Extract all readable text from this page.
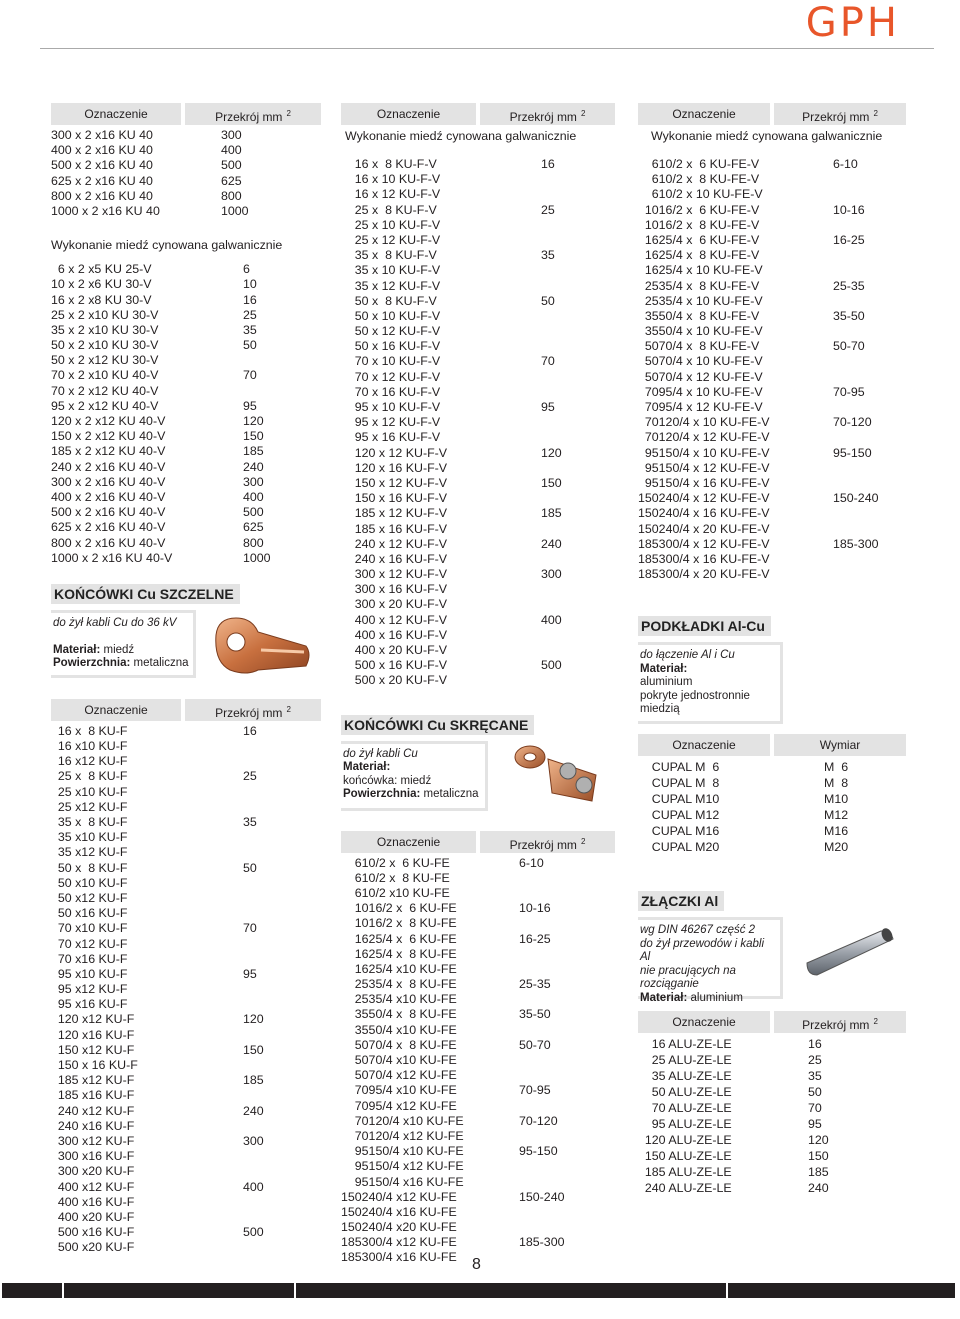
GPH
Oznaczenie	Przekrój mm $^2$
300 x 2 x16 KU 40	300
400 x 2 x16 KU 40	400
500 x 2 x16 KU 40	500
625 x 2 x16 KU 40	625
800 x 2 x16 KU 40	800
1000 x 2 x16 KU 40	1000
Wykonanie miedź cynowana galwanicznie
6 x 2 x5 KU 25-V	6
10 x 2 x6 KU 30-V	10
16 x 2 x8 KU 30-V	16
25 x 2 x10 KU 30-V	25
35 x 2 x10 KU 30-V	35
50 x 2 x10 KU 30-V	50
50 x 2 x12 KU 30-V
70 x 2 x10 KU 40-V	70
70 x 2 x12 KU 40-V
95 x 2 x12 KU 40-V	95
120 x 2 x12 KU 40-V	120
150 x 2 x12 KU 40-V	150
185 x 2 x12 KU 40-V	185
240 x 2 x16 KU 40-V	240
300 x 2 x16 KU 40-V	300
400 x 2 x16 KU 40-V	400
500 x 2 x16 KU 40-V	500
625 x 2 x16 KU 40-V	625
800 x 2 x16 KU 40-V	800
1000 x 2 x16 KU 40-V	1000
KOŃCÓWKI Cu SZCZELNE
do żył kabli Cu do 36 kV

Materiał: miedź
Powierzchnia: metaliczna
Oznaczenie	Przekrój mm $^2$
16 x  8 KU-F	16
16 x10 KU-F
16 x12 KU-F
25 x  8 KU-F	25
25 x10 KU-F
25 x12 KU-F
35 x  8 KU-F	35
35 x10 KU-F
35 x12 KU-F
50 x  8 KU-F	50
50 x10 KU-F
50 x12 KU-F
50 x16 KU-F
70 x10 KU-F	70
70 x12 KU-F
70 x16 KU-F
95 x10 KU-F	95
95 x12 KU-F
95 x16 KU-F
120 x12 KU-F	120
120 x16 KU-F
150 x12 KU-F	150
150 x 16 KU-F
185 x12 KU-F	185
185 x16 KU-F
240 x12 KU-F	240
240 x16 KU-F
300 x12 KU-F	300
300 x16 KU-F
300 x20 KU-F
400 x12 KU-F	400
400 x16 KU-F
400 x20 KU-F
500 x16 KU-F	500
500 x20 KU-F
Oznaczenie	Przekrój mm $^2$
Wykonanie miedź cynowana galwanicznie
16 x  8 KU-F-V	16
16 x 10 KU-F-V
16 x 12 KU-F-V
25 x  8 KU-F-V	25
25 x 10 KU-F-V
25 x 12 KU-F-V
35 x  8 KU-F-V	35
35 x 10 KU-F-V
35 x 12 KU-F-V
50 x  8 KU-F-V	50
50 x 10 KU-F-V
50 x 12 KU-F-V
50 x 16 KU-F-V
70 x 10 KU-F-V	70
70 x 12 KU-F-V
70 x 16 KU-F-V
95 x 10 KU-F-V	95
95 x 12 KU-F-V
95 x 16 KU-F-V
120 x 12 KU-F-V	120
120 x 16 KU-F-V
150 x 12 KU-F-V	150
150 x 16 KU-F-V
185 x 12 KU-F-V	185
185 x 16 KU-F-V
240 x 12 KU-F-V	240
240 x 16 KU-F-V
300 x 12 KU-F-V	300
300 x 16 KU-F-V
300 x 20 KU-F-V
400 x 12 KU-F-V	400
400 x 16 KU-F-V
400 x 20 KU-F-V
500 x 16 KU-F-V	500
500 x 20 KU-F-V
KOŃCÓWKI Cu SKRĘCANE
do żył kabli Cu
Materiał:
końcówka: miedź
Powierzchnia: metaliczna
Oznaczenie	Przekrój mm $^2$
610/2 x  6 KU-FE	6-10
610/2 x  8 KU-FE
610/2 x10 KU-FE
1016/2 x  6 KU-FE	10-16
1016/2 x  8 KU-FE
1625/4 x  6 KU-FE	16-25
1625/4 x  8 KU-FE
1625/4 x10 KU-FE
2535/4 x  8 KU-FE	25-35
2535/4 x10 KU-FE
3550/4 x  8 KU-FE	35-50
3550/4 x10 KU-FE
5070/4 x  8 KU-FE	50-70
5070/4 x10 KU-FE
5070/4 x12 KU-FE
7095/4 x10 KU-FE	70-95
7095/4 x12 KU-FE
70120/4 x10 KU-FE	70-120
70120/4 x12 KU-FE
95150/4 x10 KU-FE	95-150
95150/4 x12 KU-FE
95150/4 x16 KU-FE
150240/4 x12 KU-FE	150-240
150240/4 x16 KU-FE
150240/4 x20 KU-FE
185300/4 x12 KU-FE	185-300
185300/4 x16 KU-FE
Oznaczenie	Przekrój mm $^2$
Wykonanie miedź cynowana galwanicznie
610/2 x  6 KU-FE-V	6-10
610/2 x  8 KU-FE-V
610/2 x 10 KU-FE-V
1016/2 x  6 KU-FE-V	10-16
1016/2 x  8 KU-FE-V
1625/4 x  6 KU-FE-V	16-25
1625/4 x  8 KU-FE-V
1625/4 x 10 KU-FE-V
2535/4 x  8 KU-FE-V	25-35
2535/4 x 10 KU-FE-V
3550/4 x  8 KU-FE-V	35-50
3550/4 x 10 KU-FE-V
5070/4 x  8 KU-FE-V	50-70
5070/4 x 10 KU-FE-V
5070/4 x 12 KU-FE-V
7095/4 x 10 KU-FE-V	70-95
7095/4 x 12 KU-FE-V
70120/4 x 10 KU-FE-V	70-120
70120/4 x 12 KU-FE-V
95150/4 x 10 KU-FE-V	95-150
95150/4 x 12 KU-FE-V
95150/4 x 16 KU-FE-V
150240/4 x 12 KU-FE-V	150-240
150240/4 x 16 KU-FE-V
150240/4 x 20 KU-FE-V
185300/4 x 12 KU-FE-V	185-300
185300/4 x 16 KU-FE-V
185300/4 x 20 KU-FE-V
PODKŁADKI Al-Cu
do łączenie Al i Cu
Materiał:
aluminium
pokryte jednostronnie
miedzią
Oznaczenie	Wymiar
CUPAL M  6	M  6
CUPAL M  8	M  8
CUPAL M10	M10
CUPAL M12	M12
CUPAL M16	M16
CUPAL M20	M20
ZŁĄCZKI Al
wg DIN 46267 część 2
do żył przewodów i kabli Al
nie pracujących na
rozciąganie
Materiał: aluminium
Oznaczenie	Przekrój mm $^2$
16 ALU-ZE-LE	16
25 ALU-ZE-LE	25
35 ALU-ZE-LE	35
50 ALU-ZE-LE	50
70 ALU-ZE-LE	70
95 ALU-ZE-LE	95
120 ALU-ZE-LE	120
150 ALU-ZE-LE	150
185 ALU-ZE-LE	185
240 ALU-ZE-LE	240
8
